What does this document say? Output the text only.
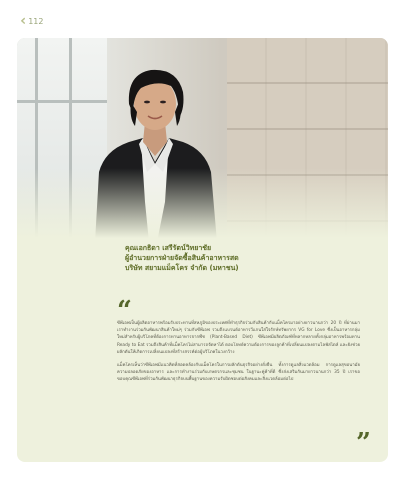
‹‹ 112
คุณเอกธิดา เสรีรัตน์วิทยาชัย
ผู้อำนวยการฝ่ายจัดซื้อสินค้าอาหารสด
บริษัท สยามแม็คโคร จำกัด (มหาชน)
“

ซีพีเอฟเป็นผู้ผลิตอาหารพร้อมรับประทานที่สหภูมิของประเทศที่ทำธุรกิจร่วมกับสินค้ากับแม็คโครมาอย่างยาวนานกว่า 20 ปี ที่ผ่านมาเราทำงานร่วมกันพัฒนาสินค้าใหม่ๆ ร่วมกับซีพีเอฟ รวมถึงแบรนด์อาหารวีแกนใส่ใจรักษ์ทรัพยากร VG for Love ซึ่งเป็นอาหารกลุ่มใหม่สำหรับผู้บริโภคที่ต้องการทานอาหารจากพืช (Plant-Based Diet) ซีพีเอฟมีผลิตภัณฑ์ที่หลากหลายทั้งกลุ่มอาหารพร้อมทาน Ready to Eat รวมถึงสินค้าที่แม็คโครไม่สามารถจัดหาได้ ตอบโจทย์ความต้องการของลูกค้าที่เปลี่ยนแปลงตามไลฟ์สไตล์ และยังช่วยผลักดันให้เกิดการเปลี่ยนแปลงที่สร้างสรรค์ต่อผู้บริโภคในวงกว้าง

แม็คโครเห็นว่าซีพีเอฟมีแนวคิดที่สอดคล้องกับแม็คโครในการผลักดันธุรกิจอย่างยั่งยืน ทั้งการดูแลสิ่งแวดล้อม การดูแลสุขอนามัย ความปลอดภัยของอาหาร และการทำงานร่วมกับเกษตรกรและชุมชน ในฐานะคู่ค้าที่ดี ซึ่งส่งเสริมกันมายาวนานกว่า 35 ปี เราขอขอบคุณซีพีเอฟที่ร่วมกันพัฒนาธุรกิจบนพื้นฐานของความรับผิดชอบต่อสังคมและสิ่งแวดล้อมต่อไป

”
